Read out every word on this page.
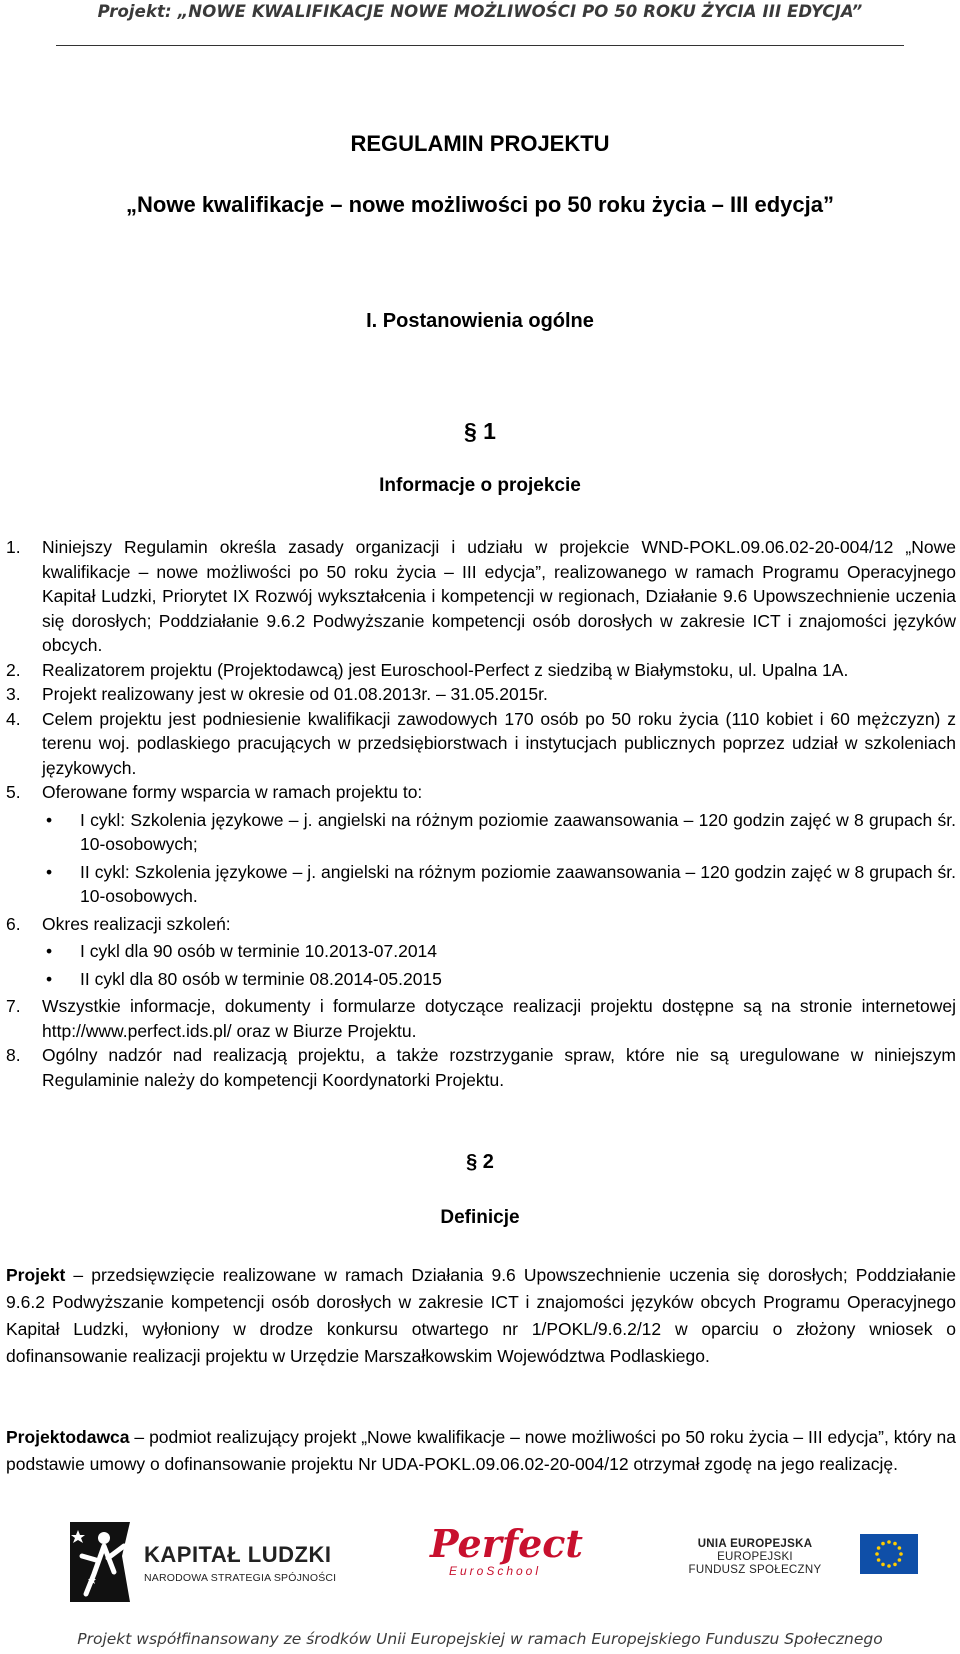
Projekt: „NOWE KWALIFIKACJE NOWE MOŻLIWOŚCI PO 50 ROKU ŻYCIA III EDYCJA”
REGULAMIN PROJEKTU
„Nowe kwalifikacje – nowe możliwości po 50 roku życia – III edycja”
I. Postanowienia ogólne
§ 1
Informacje o projekcie
1. Niniejszy Regulamin określa zasady organizacji i udziału w projekcie WND-POKL.09.06.02-20-004/12 „Nowe kwalifikacje – nowe możliwości po 50 roku życia – III edycja”, realizowanego w ramach Programu Operacyjnego Kapitał Ludzki, Priorytet IX Rozwój wykształcenia i kompetencji w regionach, Działanie 9.6 Upowszechnienie uczenia się dorosłych; Poddziałanie 9.6.2 Podwyższanie kompetencji osób dorosłych w zakresie ICT i znajomości języków obcych.
2. Realizatorem projektu (Projektodawcą) jest Euroschool-Perfect z siedzibą w Białymstoku, ul. Upalna 1A.
3. Projekt realizowany jest w okresie od 01.08.2013r. – 31.05.2015r.
4. Celem projektu jest podniesienie kwalifikacji zawodowych 170 osób po 50 roku życia (110 kobiet i 60 mężczyzn) z terenu woj. podlaskiego pracujących w przedsiębiorstwach i instytucjach publicznych poprzez udział w szkoleniach językowych.
5. Oferowane formy wsparcia w ramach projektu to:
• I cykl: Szkolenia językowe – j. angielski na różnym poziomie zaawansowania – 120 godzin zajęć w 8 grupach śr. 10-osobowych;
• II cykl: Szkolenia językowe – j. angielski na różnym poziomie zaawansowania – 120 godzin zajęć w 8 grupach śr. 10-osobowych.
6. Okres realizacji szkoleń:
• I cykl dla 90 osób w terminie 10.2013-07.2014
• II cykl dla 80 osób w terminie 08.2014-05.2015
7. Wszystkie informacje, dokumenty i formularze dotyczące realizacji projektu dostępne są na stronie internetowej http://www.perfect.ids.pl/ oraz w Biurze Projektu.
8. Ogólny nadzór nad realizacją projektu, a także rozstrzyganie spraw, które nie są uregulowane w niniejszym Regulaminie należy do kompetencji Koordynatorki Projektu.
§ 2
Definicje
Projekt – przedsięwzięcie realizowane w ramach Działania 9.6 Upowszechnienie uczenia się dorosłych; Poddziałanie 9.6.2 Podwyższanie kompetencji osób dorosłych w zakresie ICT i znajomości języków obcych Programu Operacyjnego Kapitał Ludzki, wyłoniony w drodze konkursu otwartego nr 1/POKL/9.6.2/12 w oparciu o złożony wniosek o dofinansowanie realizacji projektu w Urzędzie Marszałkowskim Województwa Podlaskiego.
Projektodawca – podmiot realizujący projekt „Nowe kwalifikacje – nowe możliwości po 50 roku życia – III edycja”, który na podstawie umowy o dofinansowanie projektu Nr UDA-POKL.09.06.02-20-004/12 otrzymał zgodę na jego realizację.
KAPITAŁ LUDZKI
NARODOWA STRATEGIA SPÓJNOŚCI
Perfect
EuroSchool
UNIA EUROPEJSKA
EUROPEJSKI
FUNDUSZ SPOŁECZNY
Projekt współfinansowany ze środków Unii Europejskiej w ramach Europejskiego Funduszu Społecznego
